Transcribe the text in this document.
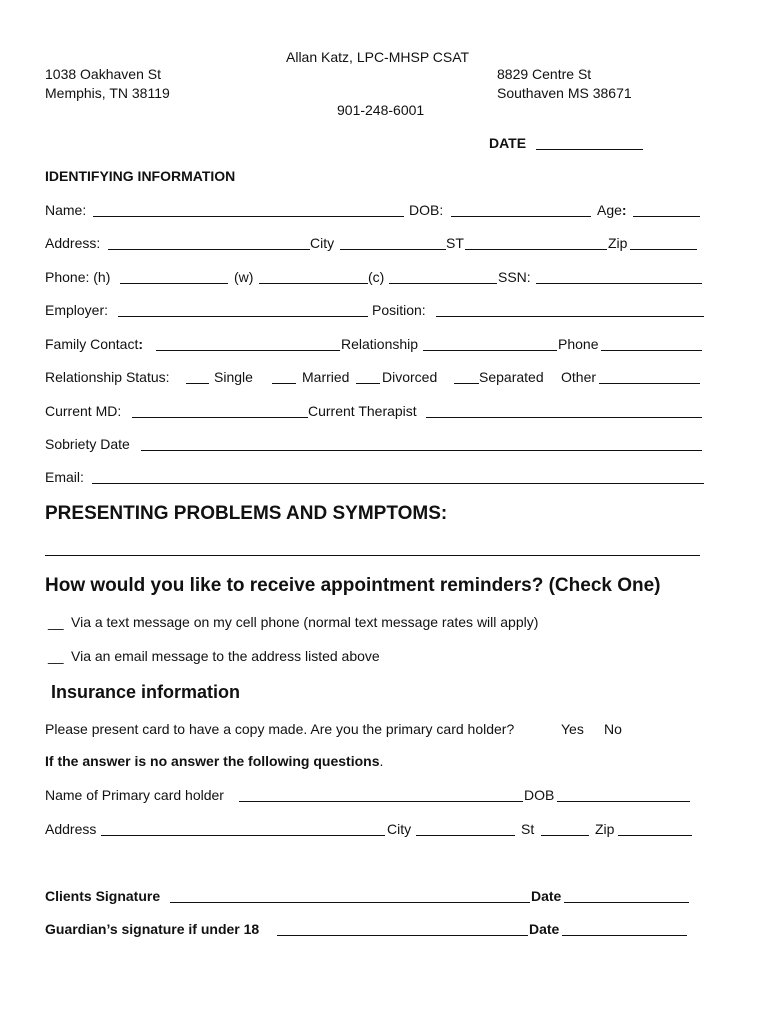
Allan Katz, LPC-MHSP CSAT
1038 Oakhaven St
Memphis, TN 38119
8829 Centre St
Southaven MS 38671
901-248-6001
DATE
IDENTIFYING INFORMATION
Name:	DOB:	Age:
Address:	City	ST	Zip
Phone: (h)	(w)	(c)	SSN:
Employer:	Position:
Family Contact:	Relationship	Phone
Relationship Status:	Single	Married Divorced	Separated Other
Current MD:	Current Therapist
Sobriety Date
Email:
PRESENTING PROBLEMS AND SYMPTOMS:
How would you like to receive appointment reminders? (Check One)
__ Via a text message on my cell phone (normal text message rates will apply)
__ Via an email message to the address listed above
Insurance information
Please present card to have a copy made. Are you the primary card holder?	Yes No
If the answer is no answer the following questions.
Name of Primary card holder	DOB
Address	City	St	Zip
Clients Signature	Date
Guardian’s signature if under 18	Date
